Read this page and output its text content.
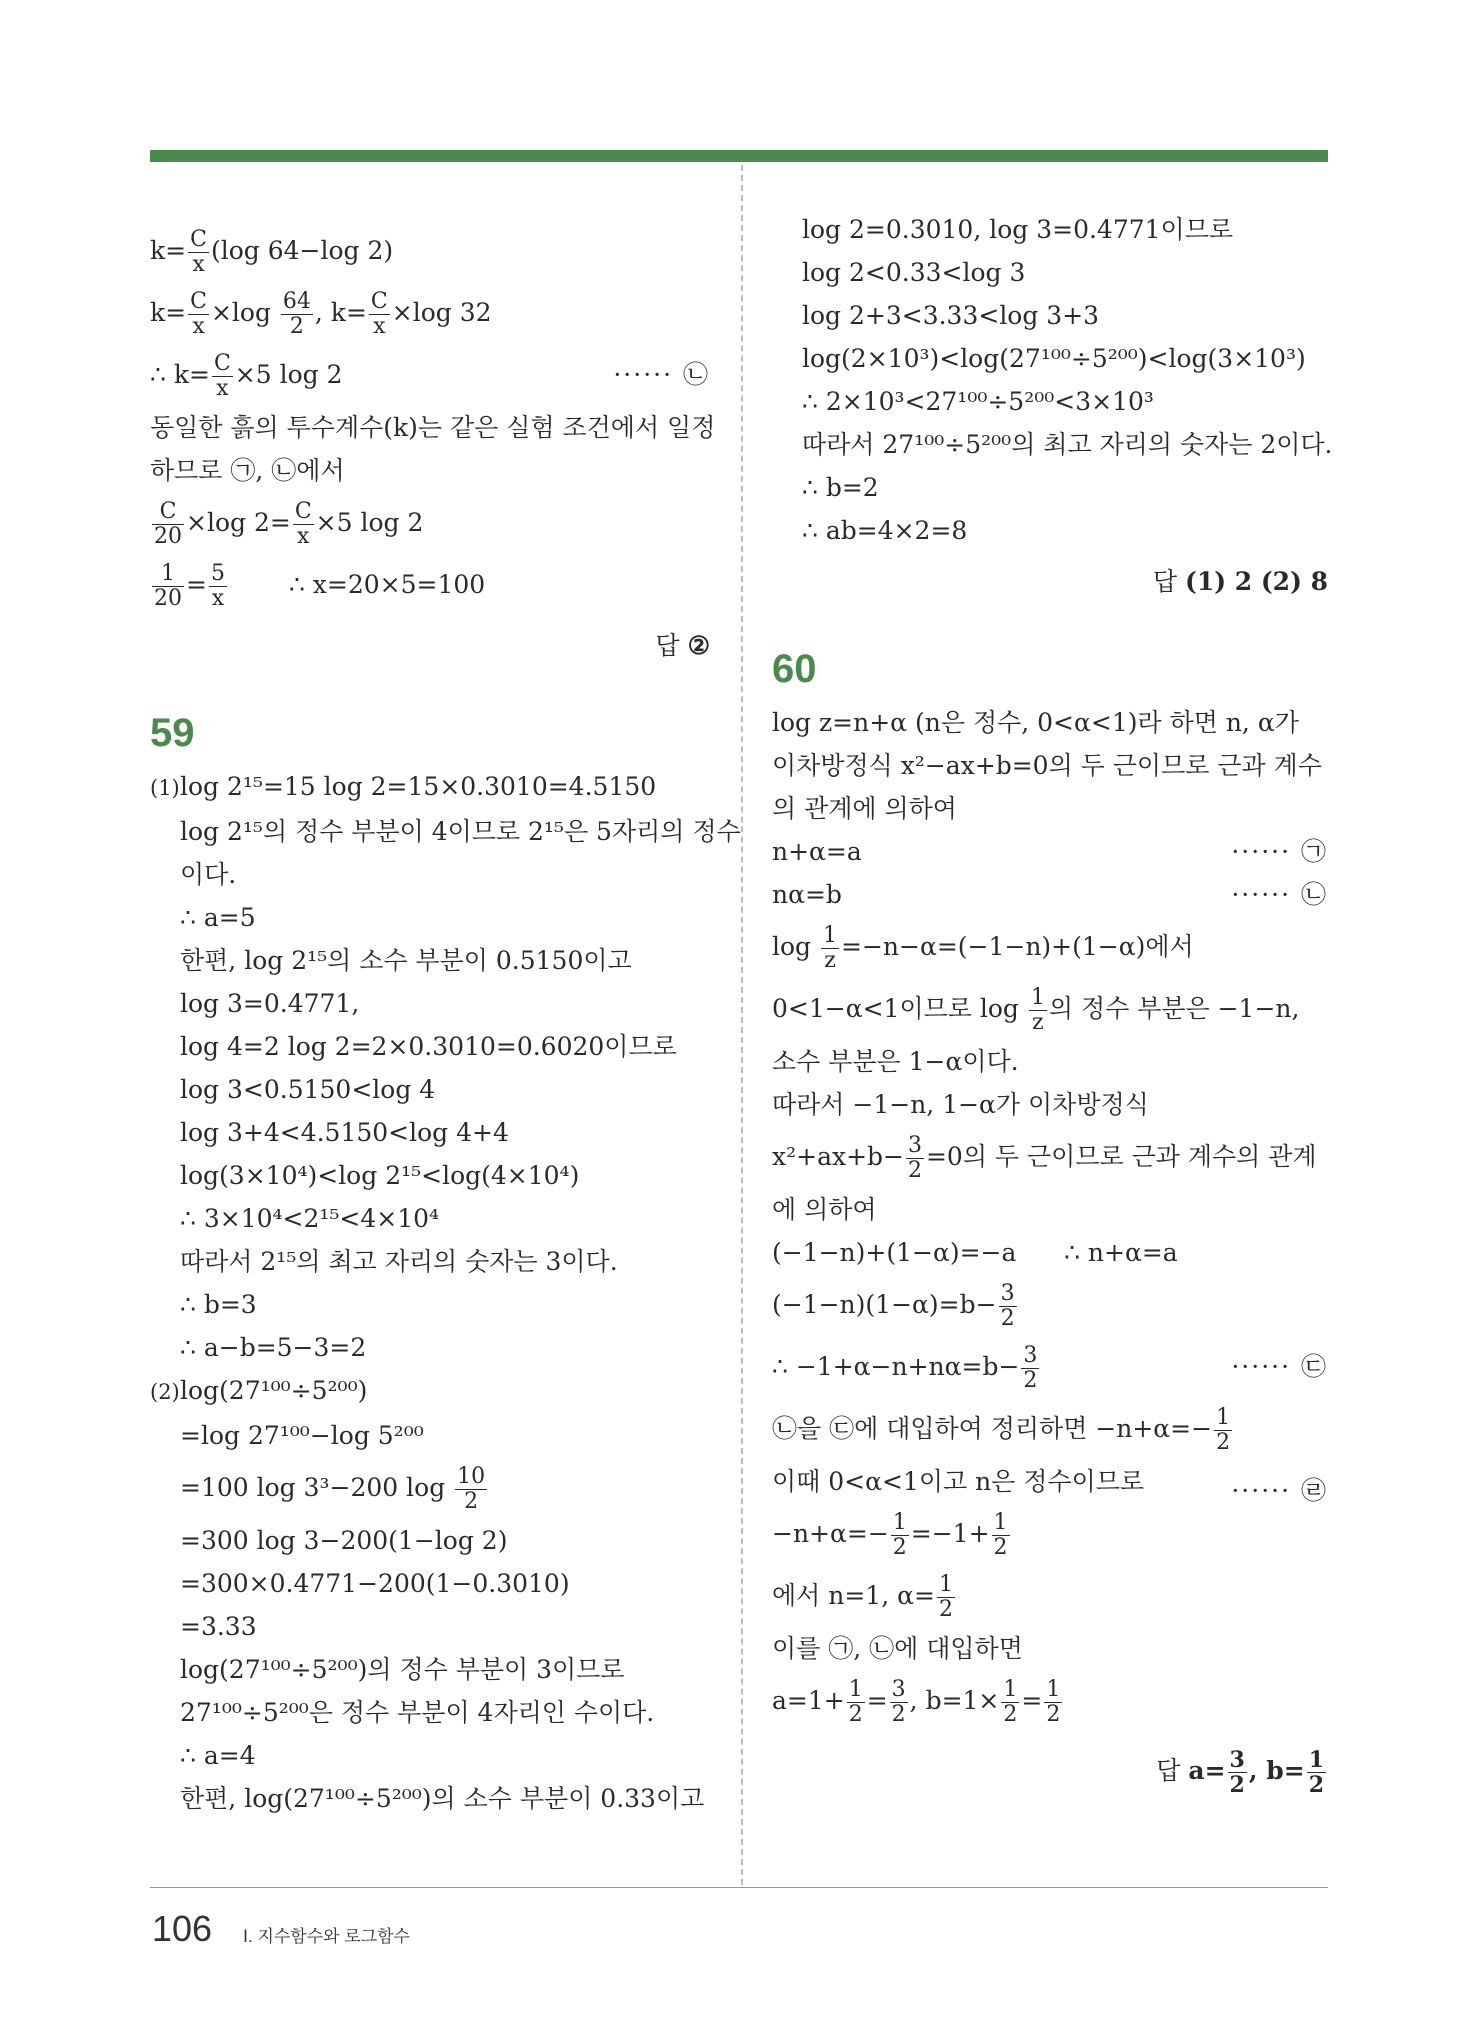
$k= \frac{C}{x} (\log$ 64−log 2)
$k= \frac{C}{x} \times\log \frac{64}{2}$ , $k= \frac{C}{x} \times\log$ 32
∴ $k= \frac{C}{x} \times 5$ log 2	······ ㉡
동일한 흙의 투수계수(k)는 같은 실험 조건에서 일정
하므로 ㉠, ㉡에서
$\frac{C}{20} \times\log$ $2= \frac{C}{x} \times 5$ log 2
$\frac{1}{20} = \frac{5}{x}$ ∴ x=20×5=100
답 ②
59
(1)log 2¹⁵=15 log 2=15×0.3010=4.5150
log 2¹⁵의 정수 부분이 4이므로 2¹⁵은 5자리의 정수
이다.
∴ a=5
한편, log 2¹⁵의 소수 부분이 0.5150이고
log 3=0.4771,
log 4=2 log 2=2×0.3010=0.6020이므로
log 3<0.5150<log 4
log 3+4<4.5150<log 4+4
log(3×10⁴)<log 2¹⁵<log(4×10⁴)
∴ 3×10⁴<2¹⁵<4×10⁴
따라서 2¹⁵의 최고 자리의 숫자는 3이다.
∴ b=3
∴ a−b=5−3=2
(2)log(27¹⁰⁰÷5²⁰⁰)
=log 27¹⁰⁰−log 5²⁰⁰
=100 log 3³−200 $\log \frac{10}{2}$
=300 log 3−200(1−log 2)
=300×0.4771−200(1−0.3010)
=3.33
log(27¹⁰⁰÷5²⁰⁰)의 정수 부분이 3이므로
27¹⁰⁰÷5²⁰⁰은 정수 부분이 4자리인 수이다.
∴ a=4
한편, log(27¹⁰⁰÷5²⁰⁰)의 소수 부분이 0.33이고
log 2=0.3010, log 3=0.4771이므로
log 2<0.33<log 3
log 2+3<3.33<log 3+3
log(2×10³)<log(27¹⁰⁰÷5²⁰⁰)<log(3×10³)
∴ 2×10³<27¹⁰⁰÷5²⁰⁰<3×10³
따라서 27¹⁰⁰÷5²⁰⁰의 최고 자리의 숫자는 2이다.
∴ b=2
∴ ab=4×2=8
답 (1) 2 (2) 8
60
log z=n+α (n은 정수, 0<α<1)라 하면 n, α가
이차방정식 x²−ax+b=0의 두 근이므로 근과 계수
의 관계에 의하여
n+α=a	······ ㉠
nα=b	······ ㉡
$\log \frac{1}{z} =-n-\alpha=(-1-n)+(1-\alpha)$에서
0<1−α<1이므로 $\log \frac{1}{z}$ 의 정수 부분은 −1−n,
소수 부분은 1−α이다.
따라서 −1−n, 1−α가 이차방정식
$x^2+ax+b- \frac{3}{2} =0$의 두 근이므로 근과 계수의 관계
에 의하여
(−1−n)+(1−α)=−a      ∴ n+α=a
$(-1-n)(1-\alpha)=b- \frac{3}{2}$
∴ $-1+\alpha-n+n\alpha=b- \frac{3}{2}$	······ ㉢
㉡을 ㉢에 대입하여 정리하면 $-n+\alpha=- \frac{1}{2}$
······ ㉣
이때 0<α<1이고 n은 정수이므로
$-n+\alpha=- \frac{1}{2} =-1+ \frac{1}{2}$
에서 n=1, $\alpha= \frac{1}{2}$
이를 ㉠, ㉡에 대입하면
$a=1+ \frac{1}{2} = \frac{3}{2}$ , $b=1\times \frac{1}{2} = \frac{1}{2}$
답 $a= \frac{3}{2}$ , $b= \frac{1}{2}$
106 Ⅰ. 지수함수와 로그함수
